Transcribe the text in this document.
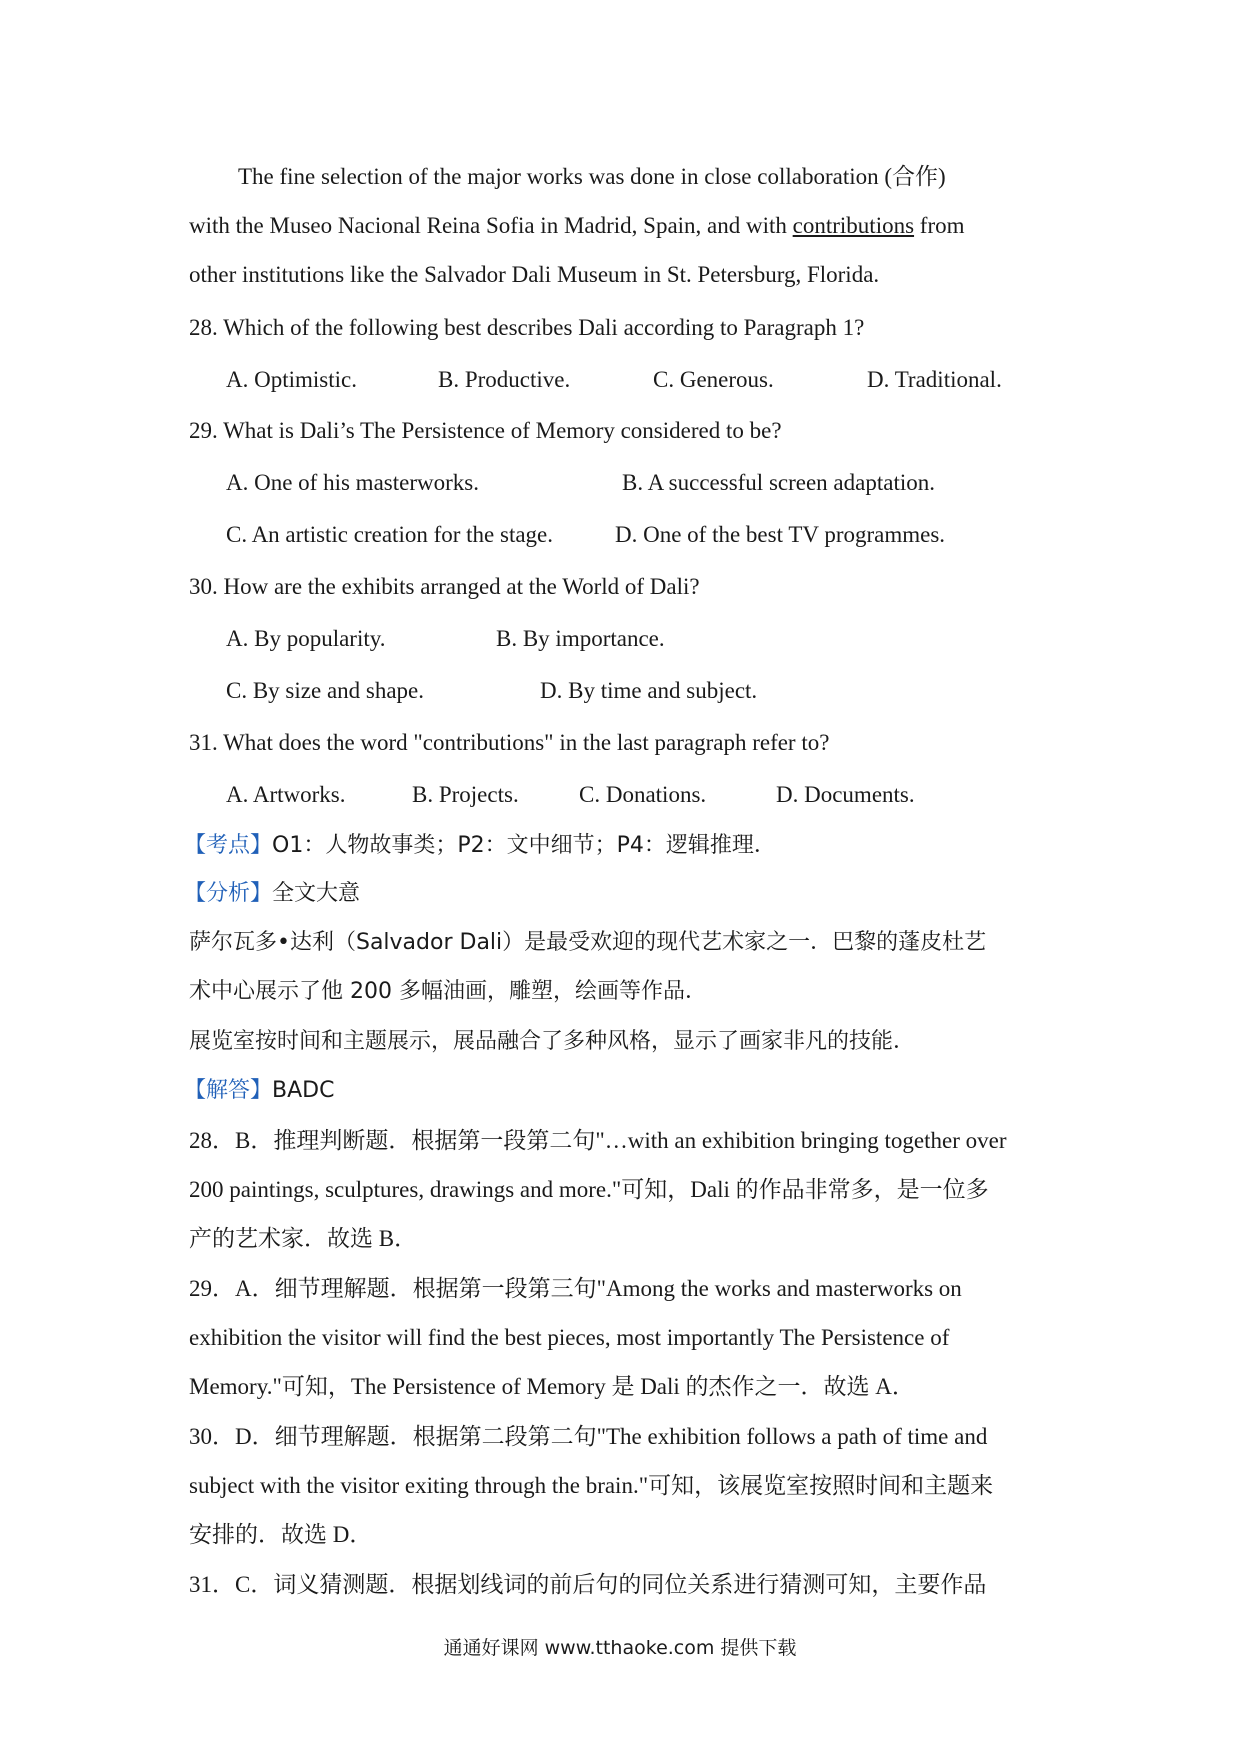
The fine selection of the major works was done in close collaboration (合作)
with the Museo Nacional Reina Sofia in Madrid, Spain, and with contributions from
other institutions like the Salvador Dali Museum in St. Petersburg, Florida.
28. Which of the following best describes Dali according to Paragraph 1?
A. Optimistic.	B. Productive.	C. Generous.	D. Traditional.
29. What is Dali’s The Persistence of Memory considered to be?
A. One of his masterworks.	B. A successful screen adaptation.
C. An artistic creation for the stage.	D. One of the best TV programmes.
30. How are the exhibits arranged at the World of Dali?
A. By popularity.	B. By importance.
C. By size and shape.	D. By time and subject.
31. What does the word "contributions" in the last paragraph refer to?
A. Artworks.	B. Projects.	C. Donations.	D. Documents.
【考点】O1：人物故事类；P2：文中细节；P4：逻辑推理．
【分析】全文大意
萨尔瓦多•达利（Salvador Dali）是最受欢迎的现代艺术家之一．巴黎的蓬皮杜艺
术中心展示了他 200 多幅油画，雕塑，绘画等作品．
展览室按时间和主题展示，展品融合了多种风格，显示了画家非凡的技能．
【解答】BADC
28．B．推理判断题．根据第一段第二句"…with an exhibition bringing together over
200 paintings, sculptures, drawings and more."可知，Dali 的作品非常多，是一位多
产的艺术家．故选 B．
29．A．细节理解题．根据第一段第三句"Among the works and masterworks on
exhibition the visitor will find the best pieces, most importantly The Persistence of
Memory."可知，The Persistence of Memory 是 Dali 的杰作之一．故选 A．
30．D．细节理解题．根据第二段第二句"The exhibition follows a path of time and
subject with the visitor exiting through the brain."可知，该展览室按照时间和主题来
安排的．故选 D．
31．C．词义猜测题．根据划线词的前后句的同位关系进行猜测可知，主要作品
通通好课网 www.tthaoke.com 提供下载
